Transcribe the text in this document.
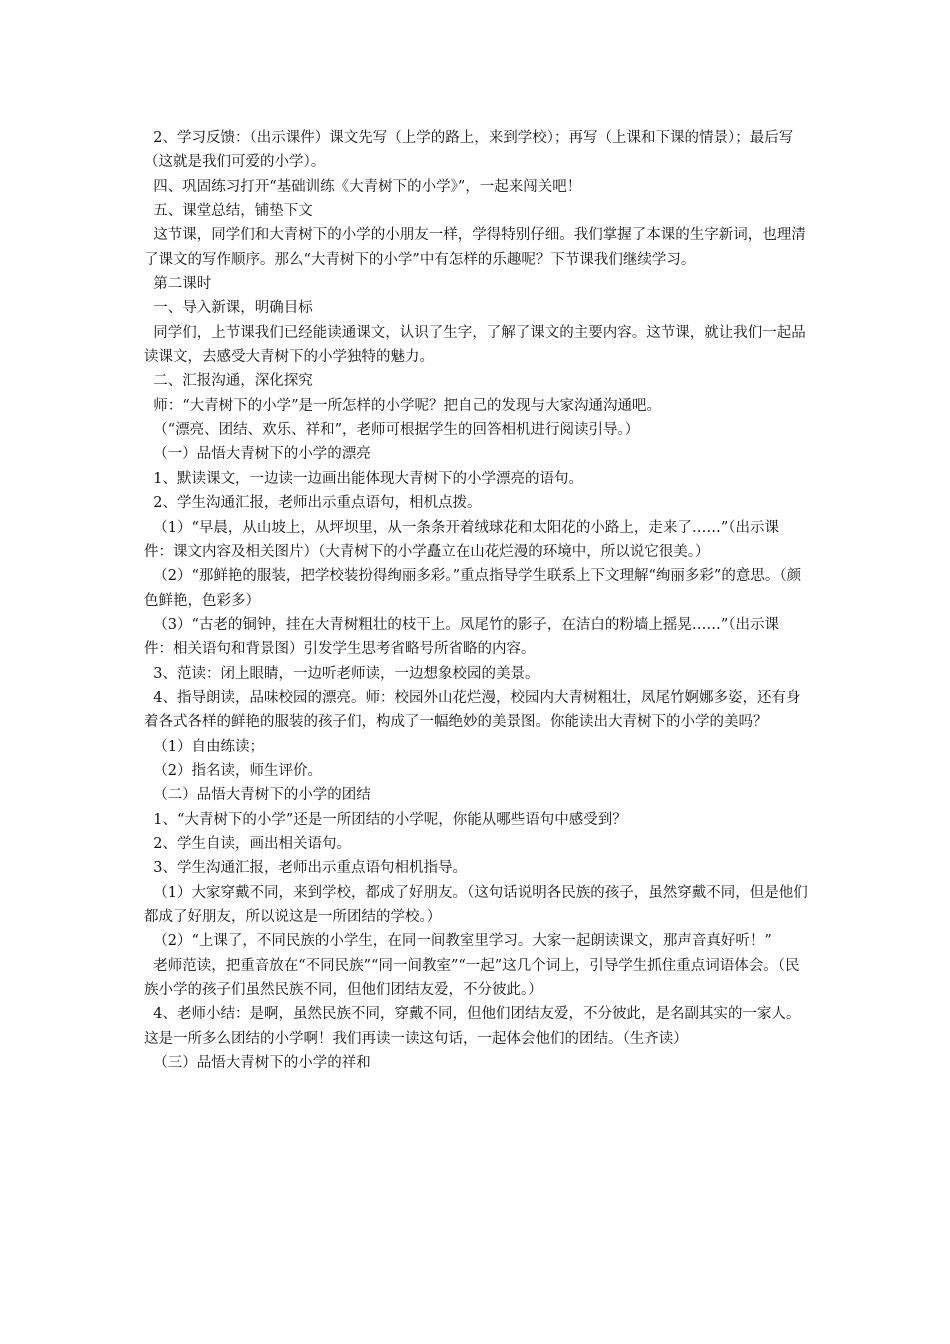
2、学习反馈：（出示课件）课文先写（上学的路上，来到学校）；再写（上课和下课的情景）；最后写（这就是我们可爱的小学）。

四、巩固练习打开“基础训练《大青树下的小学》”，一起来闯关吧！

五、课堂总结，铺垫下文

这节课，同学们和大青树下的小学的小朋友一样，学得特别仔细。我们掌握了本课的生字新词，也理清了课文的写作顺序。那么“大青树下的小学”中有怎样的乐趣呢？下节课我们继续学习。

第二课时

一、导入新课，明确目标

同学们，上节课我们已经能读通课文，认识了生字，了解了课文的主要内容。这节课，就让我们一起品读课文，去感受大青树下的小学独特的魅力。

二、汇报沟通，深化探究

师：“大青树下的小学”是一所怎样的小学呢？把自己的发现与大家沟通沟通吧。

（“漂亮、团结、欢乐、祥和”，老师可根据学生的回答相机进行阅读引导。）

（一）品悟大青树下的小学的漂亮

1、默读课文，一边读一边画出能体现大青树下的小学漂亮的语句。

2、学生沟通汇报，老师出示重点语句，相机点拨。

（1）“早晨，从山坡上，从坪坝里，从一条条开着绒球花和太阳花的小路上，走来了……”（出示课件：课文内容及相关图片）（大青树下的小学矗立在山花烂漫的环境中，所以说它很美。）

（2）“那鲜艳的服装，把学校装扮得绚丽多彩。”重点指导学生联系上下文理解“绚丽多彩”的意思。（颜色鲜艳，色彩多）

（3）“古老的铜钟，挂在大青树粗壮的枝干上。凤尾竹的影子，在洁白的粉墙上摇晃……”（出示课件：相关语句和背景图）引发学生思考省略号所省略的内容。

3、范读：闭上眼睛，一边听老师读，一边想象校园的美景。

4、指导朗读，品味校园的漂亮。师：校园外山花烂漫，校园内大青树粗壮，凤尾竹婀娜多姿，还有身着各式各样的鲜艳的服装的孩子们，构成了一幅绝妙的美景图。你能读出大青树下的小学的美吗？

（1）自由练读；

（2）指名读，师生评价。

（二）品悟大青树下的小学的团结

1、“大青树下的小学”还是一所团结的小学呢，你能从哪些语句中感受到？

2、学生自读，画出相关语句。

3、学生沟通汇报，老师出示重点语句相机指导。

（1）大家穿戴不同，来到学校，都成了好朋友。（这句话说明各民族的孩子，虽然穿戴不同，但是他们都成了好朋友，所以说这是一所团结的学校。）

（2）“上课了，不同民族的小学生，在同一间教室里学习。大家一起朗读课文，那声音真好听！”

老师范读，把重音放在“不同民族”“同一间教室”“一起”这几个词上，引导学生抓住重点词语体会。（民族小学的孩子们虽然民族不同，但他们团结友爱，不分彼此。）

4、老师小结：是啊，虽然民族不同，穿戴不同，但他们团结友爱，不分彼此，是名副其实的一家人。这是一所多么团结的小学啊！我们再读一读这句话，一起体会他们的团结。（生齐读）

（三）品悟大青树下的小学的祥和
